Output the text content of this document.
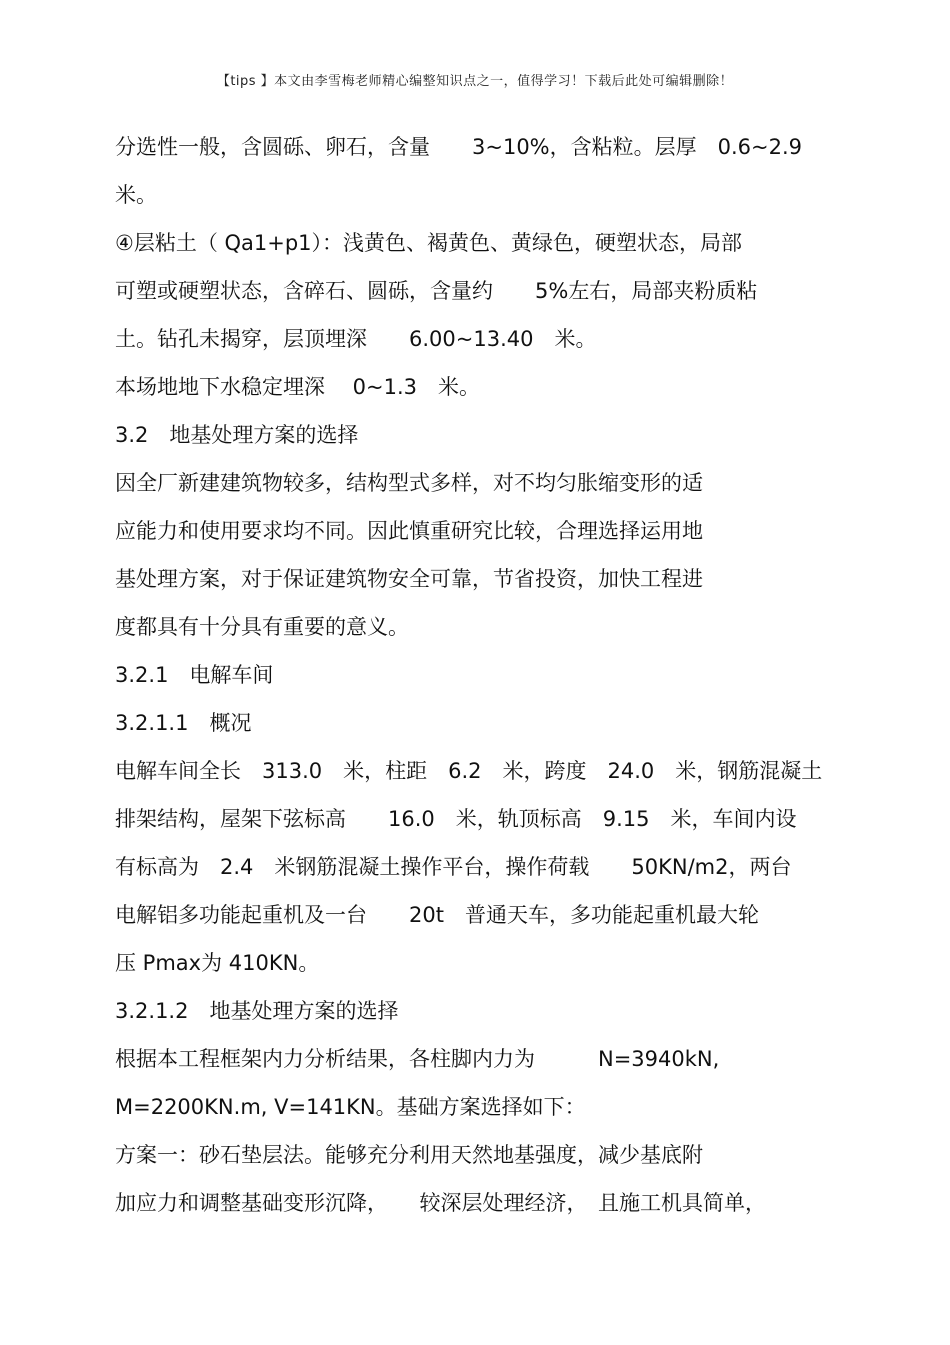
【tips 】本文由李雪梅老师精心编整知识点之一，值得学习！下载后此处可编辑删除！
分选性一般，含圆砾、卵石，含量　　3~10%，含粘粒。层厚　0.6~2.9
米。
④层粘土（ Qa1+p1）：浅黄色、褐黄色、黄绿色，硬塑状态，局部
可塑或硬塑状态，含碎石、圆砾，含量约　　5%左右，局部夹粉质粘
土。钻孔未揭穿，层顶埋深　　6.00~13.40　米。
本场地地下水稳定埋深　 0~1.3　米。
3.2　地基处理方案的选择
因全厂新建建筑物较多，结构型式多样，对不均匀胀缩变形的适
应能力和使用要求均不同。因此慎重研究比较，合理选择运用地
基处理方案，对于保证建筑物安全可靠，节省投资，加快工程进
度都具有十分具有重要的意义。
3.2.1　电解车间
3.2.1.1　概况
电解车间全长　313.0　米，柱距　6.2　米，跨度　24.0　米，钢筋混凝土
排架结构，屋架下弦标高　　16.0　米，轨顶标高　9.15　米，车间内设
有标高为　2.4　米钢筋混凝土操作平台，操作荷载　　50KN/m2，两台
电解铝多功能起重机及一台　　20t　普通天车，多功能起重机最大轮
压 Pmax为 410KN。
3.2.1.2　地基处理方案的选择
根据本工程框架内力分析结果，各柱脚内力为　　　N=3940kN,
M=2200KN.m, V=141KN。基础方案选择如下：
方案一：砂石垫层法。能够充分利用天然地基强度，减少基底附
加应力和调整基础变形沉降，　　较深层处理经济，　且施工机具简单，
